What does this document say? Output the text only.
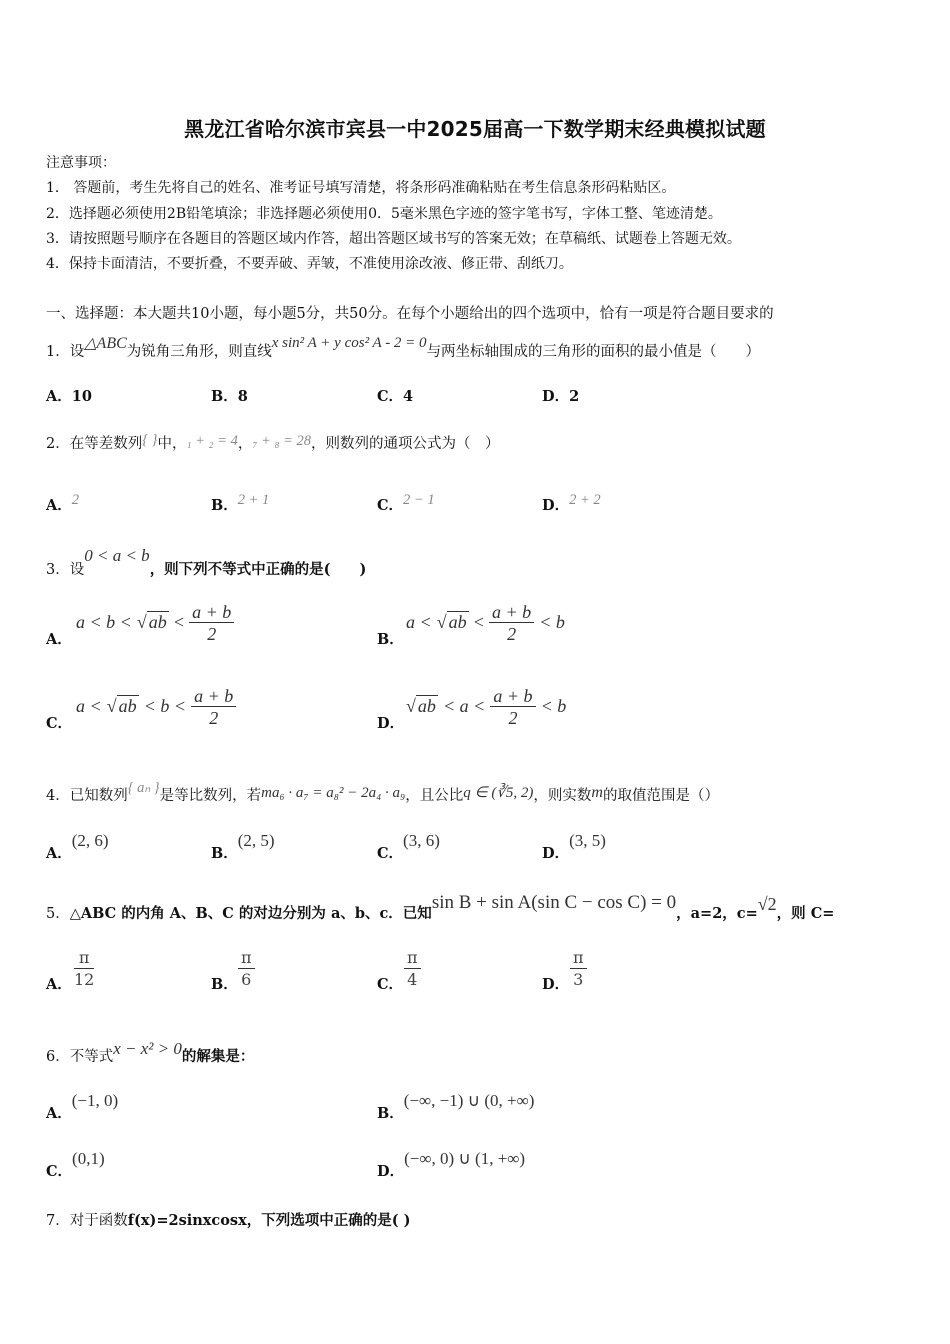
黑龙江省哈尔滨市宾县一中2025届高一下数学期末经典模拟试题
注意事项：
1． 答题前，考生先将自己的姓名、准考证号填写清楚，将条形码准确粘贴在考生信息条形码粘贴区。
2．选择题必须使用2B铅笔填涂；非选择题必须使用0．5毫米黑色字迹的签字笔书写，字体工整、笔迹清楚。
3．请按照题号顺序在各题目的答题区域内作答，超出答题区域书写的答案无效；在草稿纸、试题卷上答题无效。
4．保持卡面清洁，不要折叠，不要弄破、弄皱，不准使用涂改液、修正带、刮纸刀。
一、选择题：本大题共10小题，每小题5分，共50分。在每个小题给出的四个选项中，恰有一项是符合题目要求的
1．设△ABC为锐角三角形，则直线x sin² A + y cos² A - 2 = 0与两坐标轴围成的三角形的面积的最小值是（　　）
A．10	B．8	C．4	D．2
2．在等差数列{ }中，₁ + ₂ = 4，₇ + ₈ = 28，则数列的通项公式为（　）
A．2	B．2 + 1	C．2 − 1	D．2 + 2
3．设0 < a < b，则下列不等式中正确的是(　　)
A．
a < b < √ ab < $\frac{a + b}{2}$	B．
a < √ ab < $\frac{a + b}{2} < b$
C．
a < √ ab < $b < \frac{a + b}{2}$	D．
√ ab < $a < \frac{a + b}{2} < b$
4．已知数列{ aₙ }是等比数列，若ma₆ · a₇ = a₈² − 2a₄ · a₉，且公比q ∈ (∛5, 2)，则实数m的取值范围是（）
A．(2, 6)
B．(2, 5)
C．(3, 6)
D．(3, 5)
5．△ABC 的内角 A、B、C 的对边分别为 a、b、c．已知sin B + sin A(sin C − cos C) = 0，a=2，c=√2，则 C=
A． $\frac{\pi}{12}$	B． $\frac{\pi}{6}$	C． $\frac{\pi}{4}$	D． $\frac{\pi}{3}$
6．不等式x − x² > 0的解集是：
A．(−1, 0)
B．(−∞, −1) ∪ (0, +∞)
C．(0,1)
D．(−∞, 0) ∪ (1, +∞)
7．对于函数f(x)=2sinxcosx，下列选项中正确的是( )
